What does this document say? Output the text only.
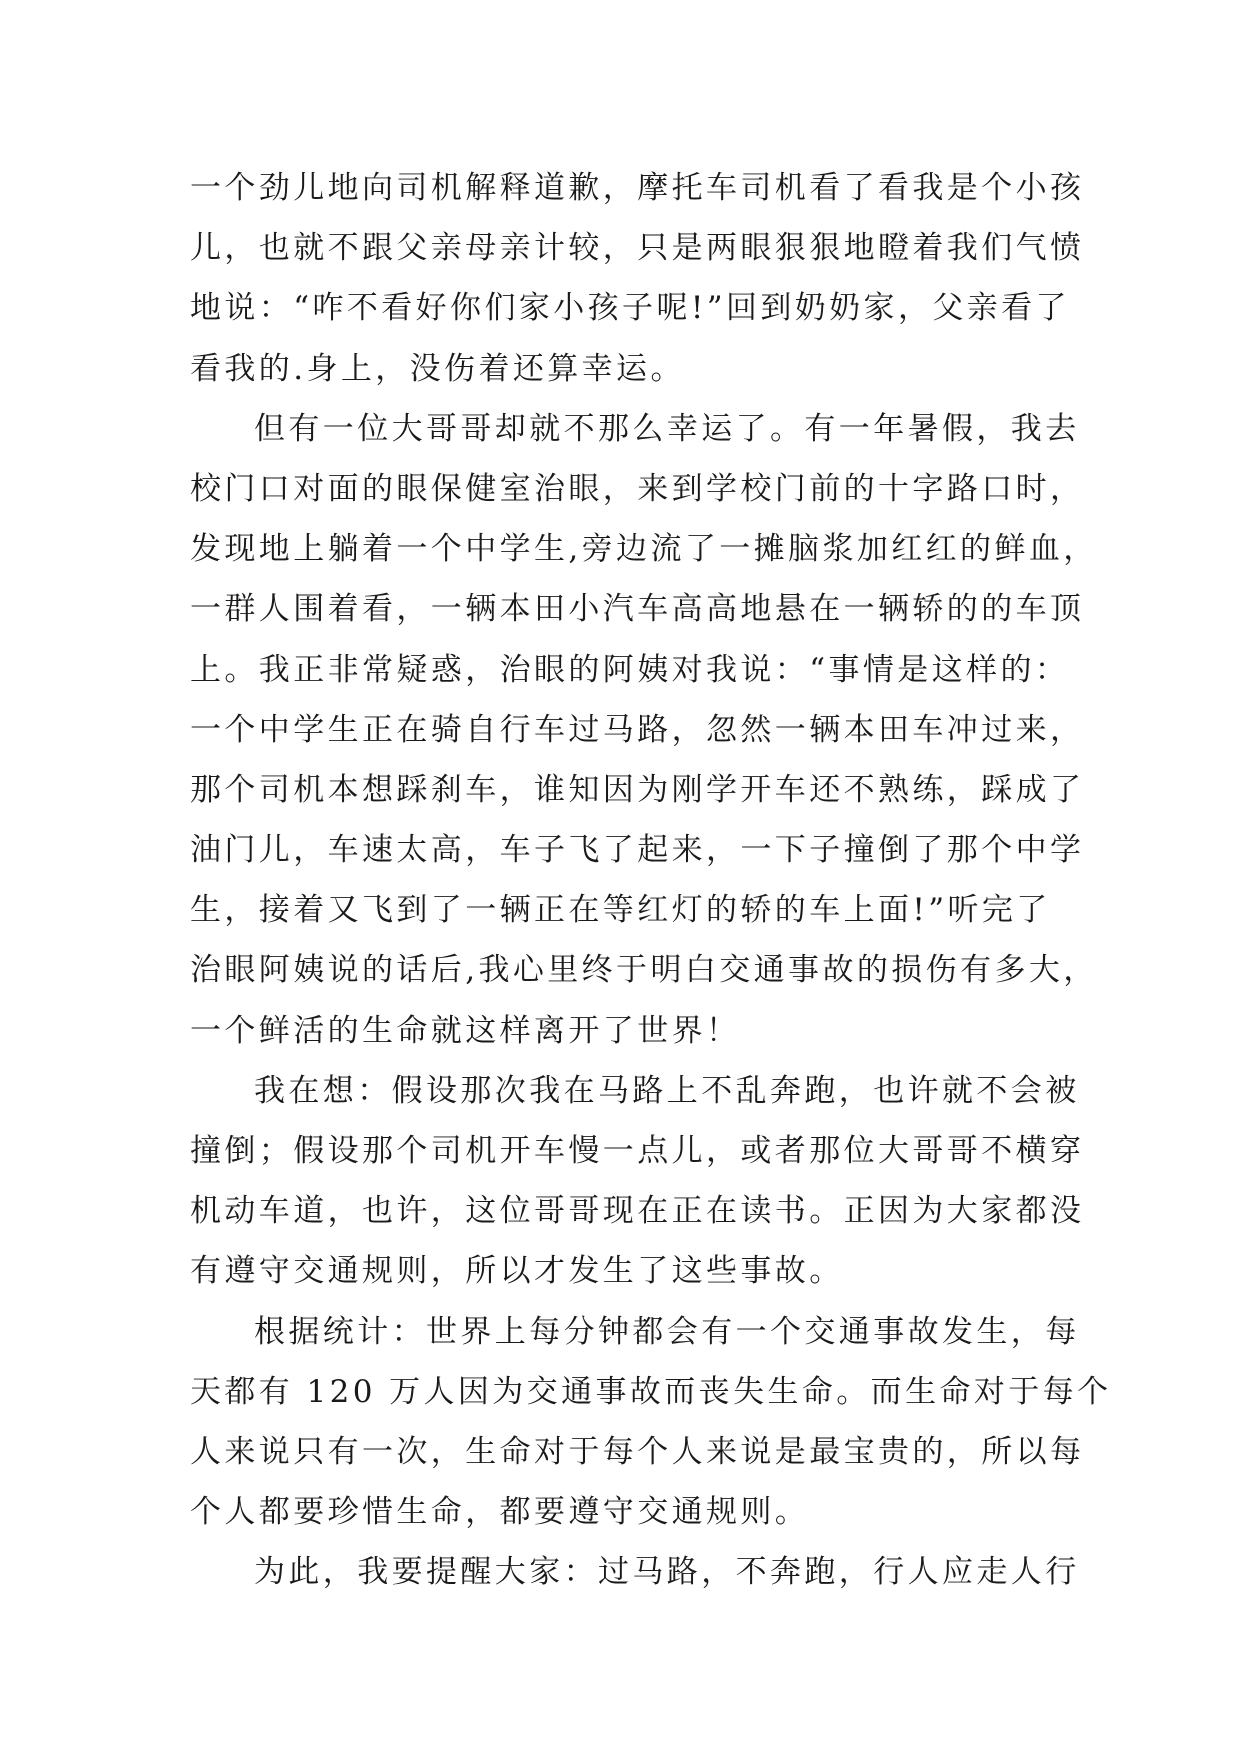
一个劲儿地向司机解释道歉，摩托车司机看了看我是个小孩
儿，也就不跟父亲母亲计较，只是两眼狠狠地瞪着我们气愤
地说：“咋不看好你们家小孩子呢!”回到奶奶家，父亲看了
看我的.身上，没伤着还算幸运。
但有一位大哥哥却就不那么幸运了。有一年暑假，我去
校门口对面的眼保健室治眼，来到学校门前的十字路口时，
发现地上躺着一个中学生,旁边流了一摊脑浆加红红的鲜血，
一群人围着看，一辆本田小汽车高高地悬在一辆轿的的车顶
上。我正非常疑惑，治眼的阿姨对我说：“事情是这样的：
一个中学生正在骑自行车过马路，忽然一辆本田车冲过来，
那个司机本想踩刹车，谁知因为刚学开车还不熟练，踩成了
油门儿，车速太高，车子飞了起来，一下子撞倒了那个中学
生，接着又飞到了一辆正在等红灯的轿的车上面!”听完了
治眼阿姨说的话后,我心里终于明白交通事故的损伤有多大，
一个鲜活的生命就这样离开了世界！
我在想：假设那次我在马路上不乱奔跑，也许就不会被
撞倒；假设那个司机开车慢一点儿，或者那位大哥哥不横穿
机动车道，也许，这位哥哥现在正在读书。正因为大家都没
有遵守交通规则，所以才发生了这些事故。
根据统计：世界上每分钟都会有一个交通事故发生，每
天都有 120 万人因为交通事故而丧失生命。而生命对于每个
人来说只有一次，生命对于每个人来说是最宝贵的，所以每
个人都要珍惜生命，都要遵守交通规则。
为此，我要提醒大家：过马路，不奔跑，行人应走人行
